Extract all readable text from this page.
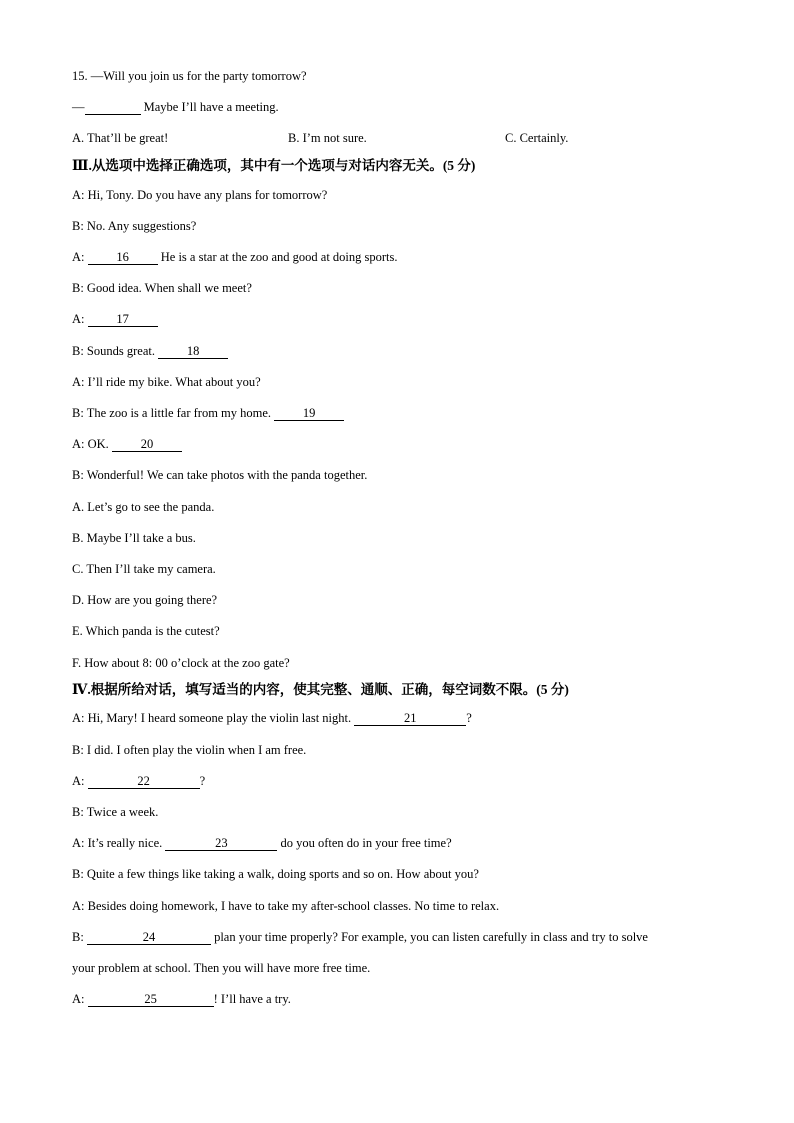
15. —Will you join us for the party tomorrow?
—	Maybe I’ll have a meeting.
A. That’ll be great!	B. I’m not sure.	C. Certainly.
Ⅲ.从选项中选择正确选项，其中有一个选项与对话内容无关。(5 分)
A: Hi, Tony. Do you have any plans for tomorrow?
B: No. Any suggestions?
A: 16 He is a star at the zoo and good at doing sports.
B: Good idea. When shall we meet?
A: 17
B: Sounds great. 18
A: I’ll ride my bike. What about you?
B: The zoo is a little far from my home. 19
A: OK. 20
B: Wonderful! We can take photos with the panda together.
A. Let’s go to see the panda.
B. Maybe I’ll take a bus.
C. Then I’ll take my camera.
D. How are you going there?
E. Which panda is the cutest?
F. How about 8: 00 o’clock at the zoo gate?
Ⅳ.根据所给对话，填写适当的内容，使其完整、通顺、正确，每空词数不限。(5 分)
A: Hi, Mary! I heard someone play the violin last night.	21	?
B: I did. I often play the violin when I am free.
A:	22	?
B: Twice a week.
A: It’s really nice.	23	do you often do in your free time?
B: Quite a few things like taking a walk, doing sports and so on. How about you?
A: Besides doing homework, I have to take my after-school classes. No time to relax.
B:	24	plan your time properly? For example, you can listen carefully in class and try to solve
your problem at school. Then you will have more free time.
A:	25	! I’ll have a try.
